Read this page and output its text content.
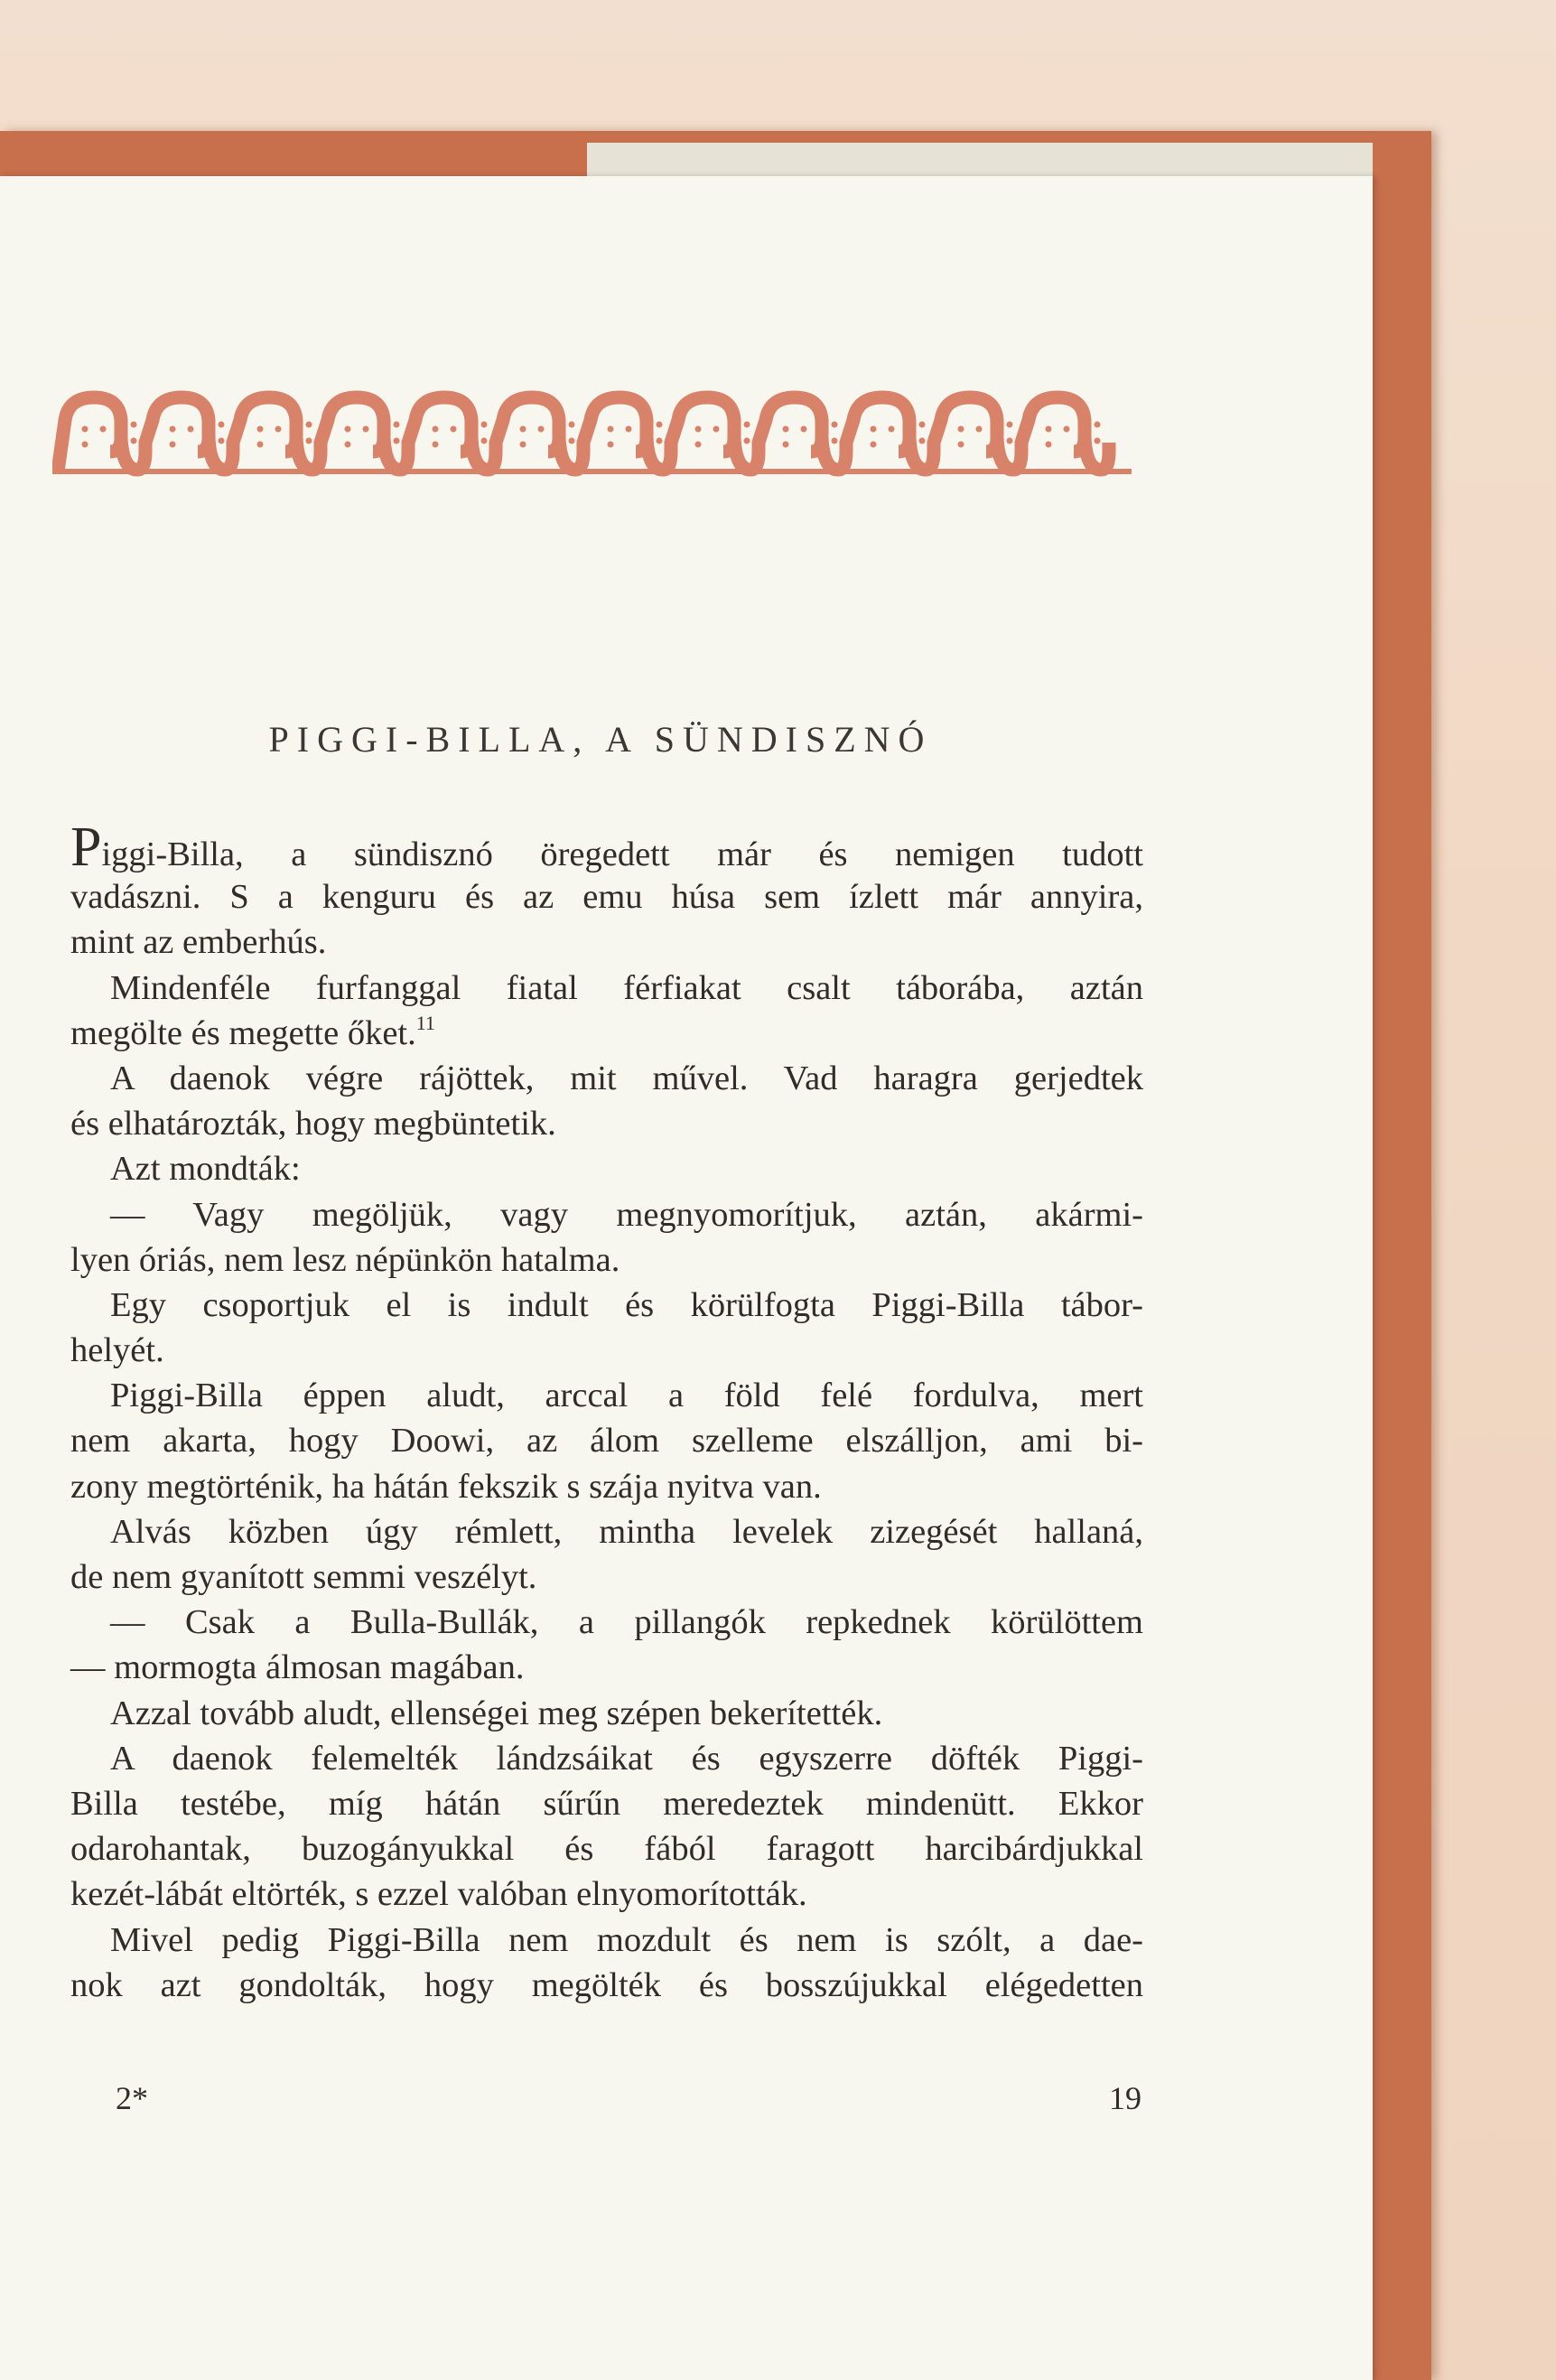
PIGGI-BILLA, A SÜNDISZNÓ
Piggi-Billa, a sündisznó öregedett már és nemigen tudott
vadászni. S a kenguru és az emu húsa sem ízlett már annyira,
mint az emberhús.
Mindenféle furfanggal fiatal férfiakat csalt táborába, aztán
megölte és megette őket.$^{11}$
A daenok végre rájöttek, mit művel. Vad haragra gerjedtek
és elhatározták, hogy megbüntetik.
Azt mondták:
— Vagy megöljük, vagy megnyomorítjuk, aztán, akármi-
lyen óriás, nem lesz népünkön hatalma.
Egy csoportjuk el is indult és körülfogta Piggi-Billa tábor-
helyét.
Piggi-Billa éppen aludt, arccal a föld felé fordulva, mert
nem akarta, hogy Doowi, az álom szelleme elszálljon, ami bi-
zony megtörténik, ha hátán fekszik s szája nyitva van.
Alvás közben úgy rémlett, mintha levelek zizegését hallaná,
de nem gyanított semmi veszélyt.
— Csak a Bulla-Bullák, a pillangók repkednek körülöttem
— mormogta álmosan magában.
Azzal tovább aludt, ellenségei meg szépen bekerítették.
A daenok felemelték lándzsáikat és egyszerre döfték Piggi-
Billa testébe, míg hátán sűrűn meredeztek mindenütt. Ekkor
odarohantak, buzogányukkal és fából faragott harcibárdjukkal
kezét-lábát eltörték, s ezzel valóban elnyomorították.
Mivel pedig Piggi-Billa nem mozdult és nem is szólt, a dae-
nok azt gondolták, hogy megölték és bosszújukkal elégedetten
2*	19
